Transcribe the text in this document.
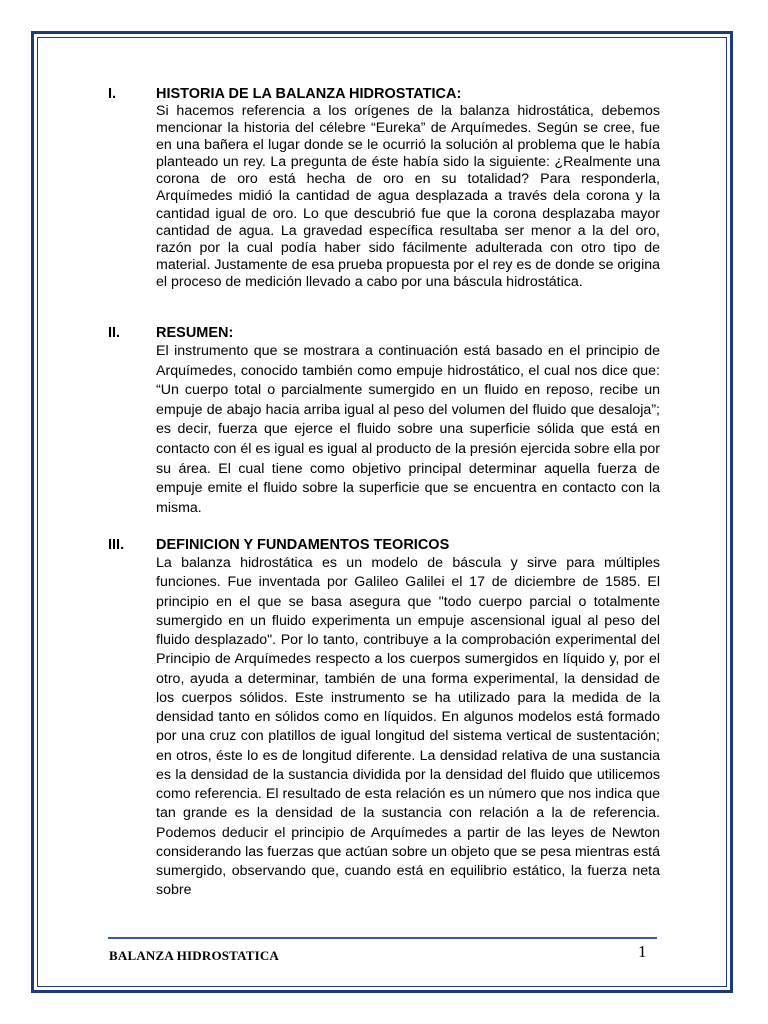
I.	HISTORIA DE LA BALANZA HIDROSTATICA:
Si hacemos referencia a los orígenes de la balanza hidrostática, debemos mencionar la historia del célebre “Eureka” de Arquímedes. Según se cree, fue en una bañera el lugar donde se le ocurrió la solución al problema que le había planteado un rey. La pregunta de éste había sido la siguiente: ¿Realmente una corona de oro está hecha de oro en su totalidad? Para responderla, Arquímedes midió la cantidad de agua desplazada a través dela corona y la cantidad igual de oro. Lo que descubrió fue que la corona desplazaba mayor cantidad de agua. La gravedad específica resultaba ser menor a la del oro, razón por la cual podía haber sido fácilmente adulterada con otro tipo de material. Justamente de esa prueba propuesta por el rey es de donde se origina el proceso de medición llevado a cabo por una báscula hidrostática.
II. RESUMEN:
El instrumento que se mostrara a continuación está basado en el principio de Arquímedes, conocido también como empuje hidrostático, el cual nos dice que: “Un cuerpo total o parcialmente sumergido en un fluido en reposo, recibe un empuje de abajo hacia arriba igual al peso del volumen del fluido que desaloja”; es decir, fuerza que ejerce el fluido sobre una superficie sólida que está en contacto con él es igual es igual al producto de la presión ejercida sobre ella por su área. El cual tiene como objetivo principal determinar aquella fuerza de empuje emite el fluido sobre la superficie que se encuentra en contacto con la misma.
III. DEFINICION Y FUNDAMENTOS TEORICOS
La balanza hidrostática es un modelo de báscula y sirve para múltiples funciones. Fue inventada por Galileo Galilei el 17 de diciembre de 1585. El principio en el que se basa asegura que "todo cuerpo parcial o totalmente sumergido en un fluido experimenta un empuje ascensional igual al peso del fluido desplazado". Por lo tanto, contribuye a la comprobación experimental del Principio de Arquímedes respecto a los cuerpos sumergidos en líquido y, por el otro, ayuda a determinar, también de una forma experimental, la densidad de los cuerpos sólidos. Este instrumento se ha utilizado para la medida de la densidad tanto en sólidos como en líquidos. En algunos modelos está formado por una cruz con platillos de igual longitud del sistema vertical de sustentación; en otros, éste lo es de longitud diferente. La densidad relativa de una sustancia es la densidad de la sustancia dividida por la densidad del fluido que utilicemos como referencia. El resultado de esta relación es un número que nos indica que tan grande es la densidad de la sustancia con relación a la de referencia. Podemos deducir el principio de Arquímedes a partir de las leyes de Newton considerando las fuerzas que actúan sobre un objeto que se pesa mientras está sumergido, observando que, cuando está en equilibrio estático, la fuerza neta sobre
BALANZA HIDROSTATICA	1
